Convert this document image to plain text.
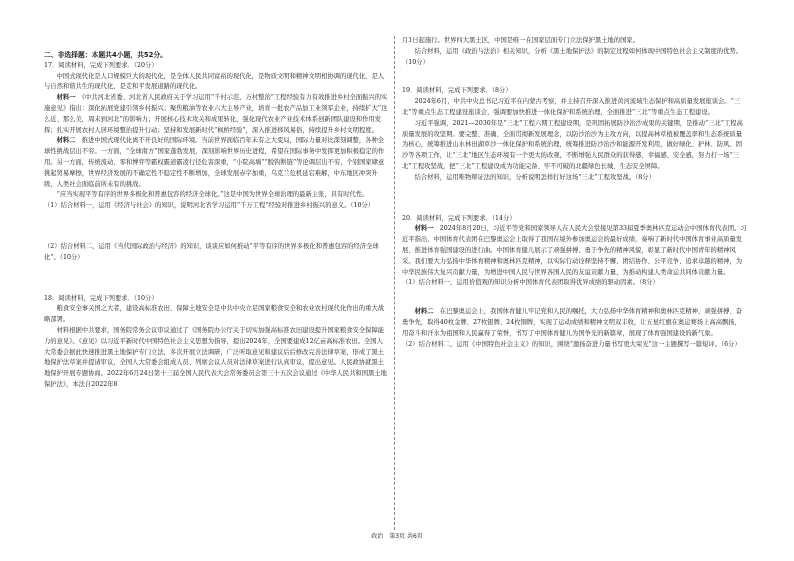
二、非选择题：本题共4小题，共52分。

17．阅读材料，完成下列要求．（20分）

中国式现代化是人口规模巨大的现代化，是全体人民共同富裕的现代化，是物质文明和精神文明相协调的现代化，是人与自然和谐共生的现代化，是走和平发展道路的现代化。

材料一　 《中共河北省委、河北省人民政府关于学习运用“千村示范、万村整治”工程经验有力有效推进乡村全面振兴的实施意见》指出：深化拓展党建引领乡村振兴；聚焦粮油等农业六大主导产业，培育一批农产品加工业领军企业，持续扩大“这么近、那么美，周末到河北”的影响力；开展核心技术攻关和成果转化，强化现代农业产业技术体系创新团队建设和作用发挥；扎实开展农村人居环境整治提升行动；坚持和发展新时代“枫桥经验”，深入推进移风易俗，持续提升乡村文明程度。

材料二　 推进中国式现代化离不开良好的国际环境。当前世界面临百年未有之大变局，国际力量对比深刻调整，各种全球性挑战层出不穷。一方面，“全球南方”国家蓬勃发展，深刻影响世界历史进程，希望在国际事务中发挥更加积极稳定的作用。另一方面，传统流动、零和博弈等霸权霸道霸凌行径危害深重，“小院高墙”“脱钩断链”等论调层出不穷，个别国家肆意挑起贸易摩擦，世界经济发展的不确定性不稳定性不断增加，全球发展赤字加重，乌克兰危机延宕难解，中东地区冲突升级，人类社会面临前所未有的挑战。

“应当实现平等有序的世界多极化和普惠包容的经济全球化。”这是中国为世界全球治理的最新主张，具有时代性。

（1）结合材料一，运用《经济与社会》的知识，说明河北省学习运用“千万工程”经验对推进乡村振兴的意义。（10分）

（2）结合材料二，运用《当代国际政治与经济》的知识，谈谈应如何推动“平等有序的世界多极化和普惠包容的经济全球化”。（10分）

18．阅读材料，完成下列要求．（10分）

粮食安全事关国之大者，建设高标准农田、保障土地安全是中共中央立足国家粮食安全和农业农村现代化作出的重大战略部署。

材料根据中共要求，国务院常务会议审议通过了《国务院办公厅关于切实加强高标准农田建设提升国家粮食安全保障能力的意见》。《意见》以习近平新时代中国特色社会主义思想为指导，提出2024年，全国要建成12亿亩高标准农田。全国人大常委会据此快速推进黑土地保护专门立法，多次开展立法调研，广泛听取意见和建议后后修改完善法律草案，形成了黑土地保护法草案并提请审议，全国人大常委会组成人员、列席会议人员对法律草案进行认真审议，提出意见。人民政协就黑土地保护开展专题协商。2022年6月24日第十三届全国人民代表大会常务委员会第三十五次会议通过《中华人民共和国黑土地保护法》，本法自2022年8

月1日起施行。世界四大黑土区，中国是唯一在国家层面专门立法保护黑土地的国家。

结合材料，运用《政治与法治》相关知识，分析《黑土地保护法》的制定过程如何体现中国特色社会主义制度的优势。（10分）

19．阅读材料，完成下列要求．（8分）

2024年6月，中共中央总书记习近平在内蒙古考察，并主持召开深入推进黄河流域生态保护和高质量发展座谈会。“三北”等重点生态工程建设座谈会，强调要加快推进一体化保护和系统治理，全面推进“三北”等重点生态工程建设。

习近平强调，2021—2030年是“三北”工程六期工程建设期，是巩固拓展防沙治沙成果的关键期，是推动“三北”工程高质量发展的攻坚期。要完整、准确、全面贯彻新发展理念，以防沙治沙为主攻方向，以提高林草植被覆盖率和生态系统质量为核心，统筹推进山水林田湖草沙一体化保护和系统治理，统筹推进防沙治沙和能源开发利用，做好绿化、护林、防风、固沙等各项工作，让“三北”地区生态环境有一个更大的改观，不断增强人民群众的获得感、幸福感、安全感，努力打一场“三北”工程攻坚战，把“三北”工程建设成为功能完备、牢不可破的北疆绿色长城、生态安全屏障。

结合材料，运用唯物辩证法的知识，分析说明怎样打好这场“三北”工程攻坚战。（8分）

20．阅读材料，完成下列要求．（14分）

材料一　 2024年8月20日，习近平等党和国家领导人在人民大会堂接见第33届夏季奥林匹克运动会中国体育代表团。习近平指出，中国体育代表团在巴黎奥运会上取得了我国在境外参加奥运会的最好成绩，奏响了新时代中国体育事业高质量发展、推进体育强国建设的进行曲。中国体育健儿展示了顽强拼搏、勇于争先的精神风貌，彰显了新时代中国青年的精神风采。我们要大力弘扬中华体育精神和奥林匹克精神，以实际行动诠释坚持不懈、团结协作、公平竞争、追求卓越的精神，为中华民族伟大复兴贡献力量，为增进中国人民与世界各国人民的友谊贡献力量，为推动构建人类命运共同体贡献力量。

（1）结合材料一，运用价值观的知识分析中国体育代表团取得优异成绩的驱动因素。（8分）

材料二　 在巴黎奥运会上，我国体育健儿牢记党和人民的嘱托，大力弘扬中华体育精神和奥林匹克精神，顽强拼搏、奋勇争先，取得40枚金牌、27枚银牌、24枚铜牌，实现了运动成绩和精神文明双丰收，让五星红旗在奥运赛场上高高飘扬，用奋斗和汗水为祖国和人民赢得了荣誉，书写了中国体育健儿为国争光的新篇章，展现了体育强国建设的新气象。

（2）结合材料二，运用《中国特色社会主义》的知识，围绕“激扬奋进力量书写更大荣光”这一主题撰写一篇短评。（6分）

政治　第3页 共6页
